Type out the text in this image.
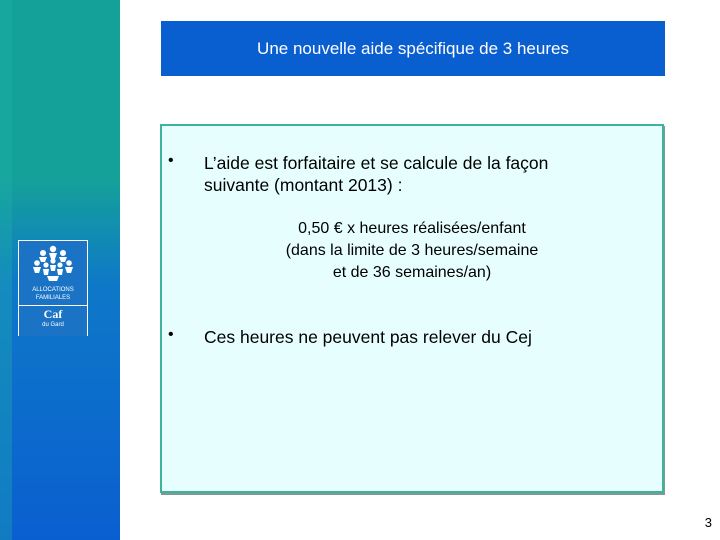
ALLOCATIONS
FAMILIALES
Caf
du Gard
Une nouvelle aide spécifique de 3 heures
• L’aide est forfaitaire et se calcule de la façon
suivante (montant 2013) :
0,50 € x heures réalisées/enfant
(dans la limite de 3 heures/semaine
et de 36 semaines/an)
• Ces heures ne peuvent pas relever du Cej
3
